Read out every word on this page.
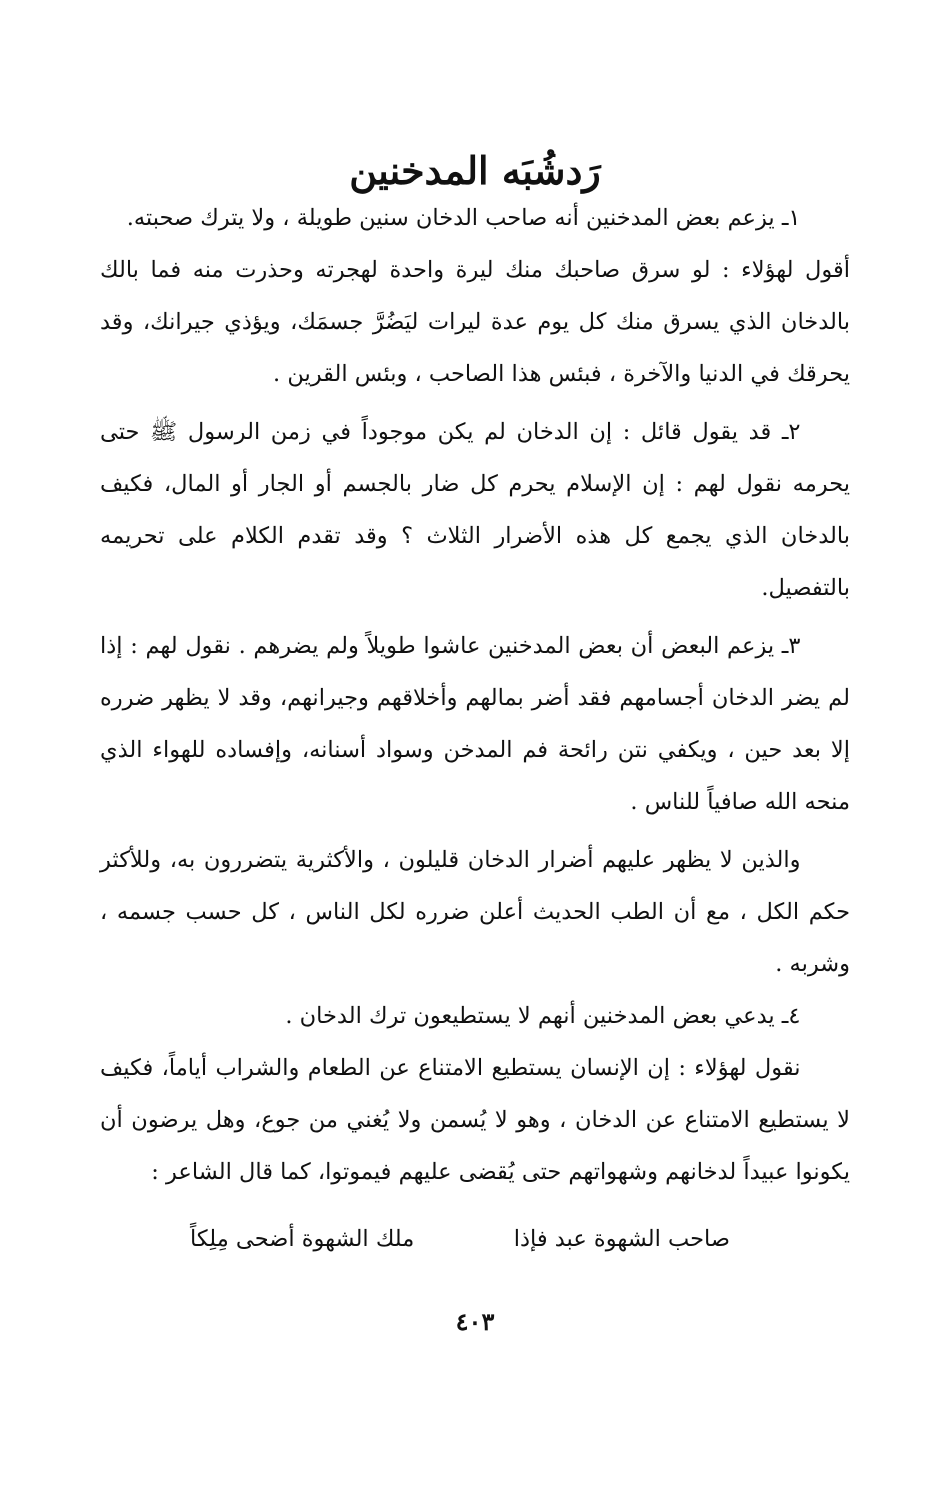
رَدشُبَه المدخنين

١ـ يزعم بعض المدخنين أنه صاحب الدخان سنين طويلة ، ولا يترك صحبته.

أقول لهؤلاء : لو سرق صاحبك منك ليرة واحدة لهجرته وحذرت منه فما بالك بالدخان الذي يسرق منك كل يوم عدة ليرات ليَضُرَّ جسمَك، ويؤذي جيرانك، وقد يحرقك في الدنيا والآخرة ، فبئس هذا الصاحب ، وبئس القرين .

٢ـ قد يقول قائل : إن الدخان لم يكن موجوداً في زمن الرسول ﷺ حتى يحرمه نقول لهم : إن الإسلام يحرم كل ضار بالجسم أو الجار أو المال، فكيف بالدخان الذي يجمع كل هذه الأضرار الثلاث ؟ وقد تقدم الكلام على تحريمه بالتفصيل.

٣ـ يزعم البعض أن بعض المدخنين عاشوا طويلاً ولم يضرهم . نقول لهم : إذا لم يضر الدخان أجسامهم فقد أضر بمالهم وأخلاقهم وجيرانهم، وقد لا يظهر ضرره إلا بعد حين ، ويكفي نتن رائحة فم المدخن وسواد أسنانه، وإفساده للهواء الذي منحه الله صافياً للناس .

والذين لا يظهر عليهم أضرار الدخان قليلون ، والأكثرية يتضررون به، وللأكثر حكم الكل ، مع أن الطب الحديث أعلن ضرره لكل الناس ، كل حسب جسمه ، وشربه .

٤ـ يدعي بعض المدخنين أنهم لا يستطيعون ترك الدخان .

نقول لهؤلاء : إن الإنسان يستطيع الامتناع عن الطعام والشراب أياماً، فكيف لا يستطيع الامتناع عن الدخان ، وهو لا يُسمن ولا يُغني من جوع، وهل يرضون أن يكونوا عبيداً لدخانهم وشهواتهم حتى يُقضى عليهم فيموتوا، كما قال الشاعر :

صاحب الشهوة عبد فإذا
ملك الشهوة أضحى مِلِكاً
٤٠٣
